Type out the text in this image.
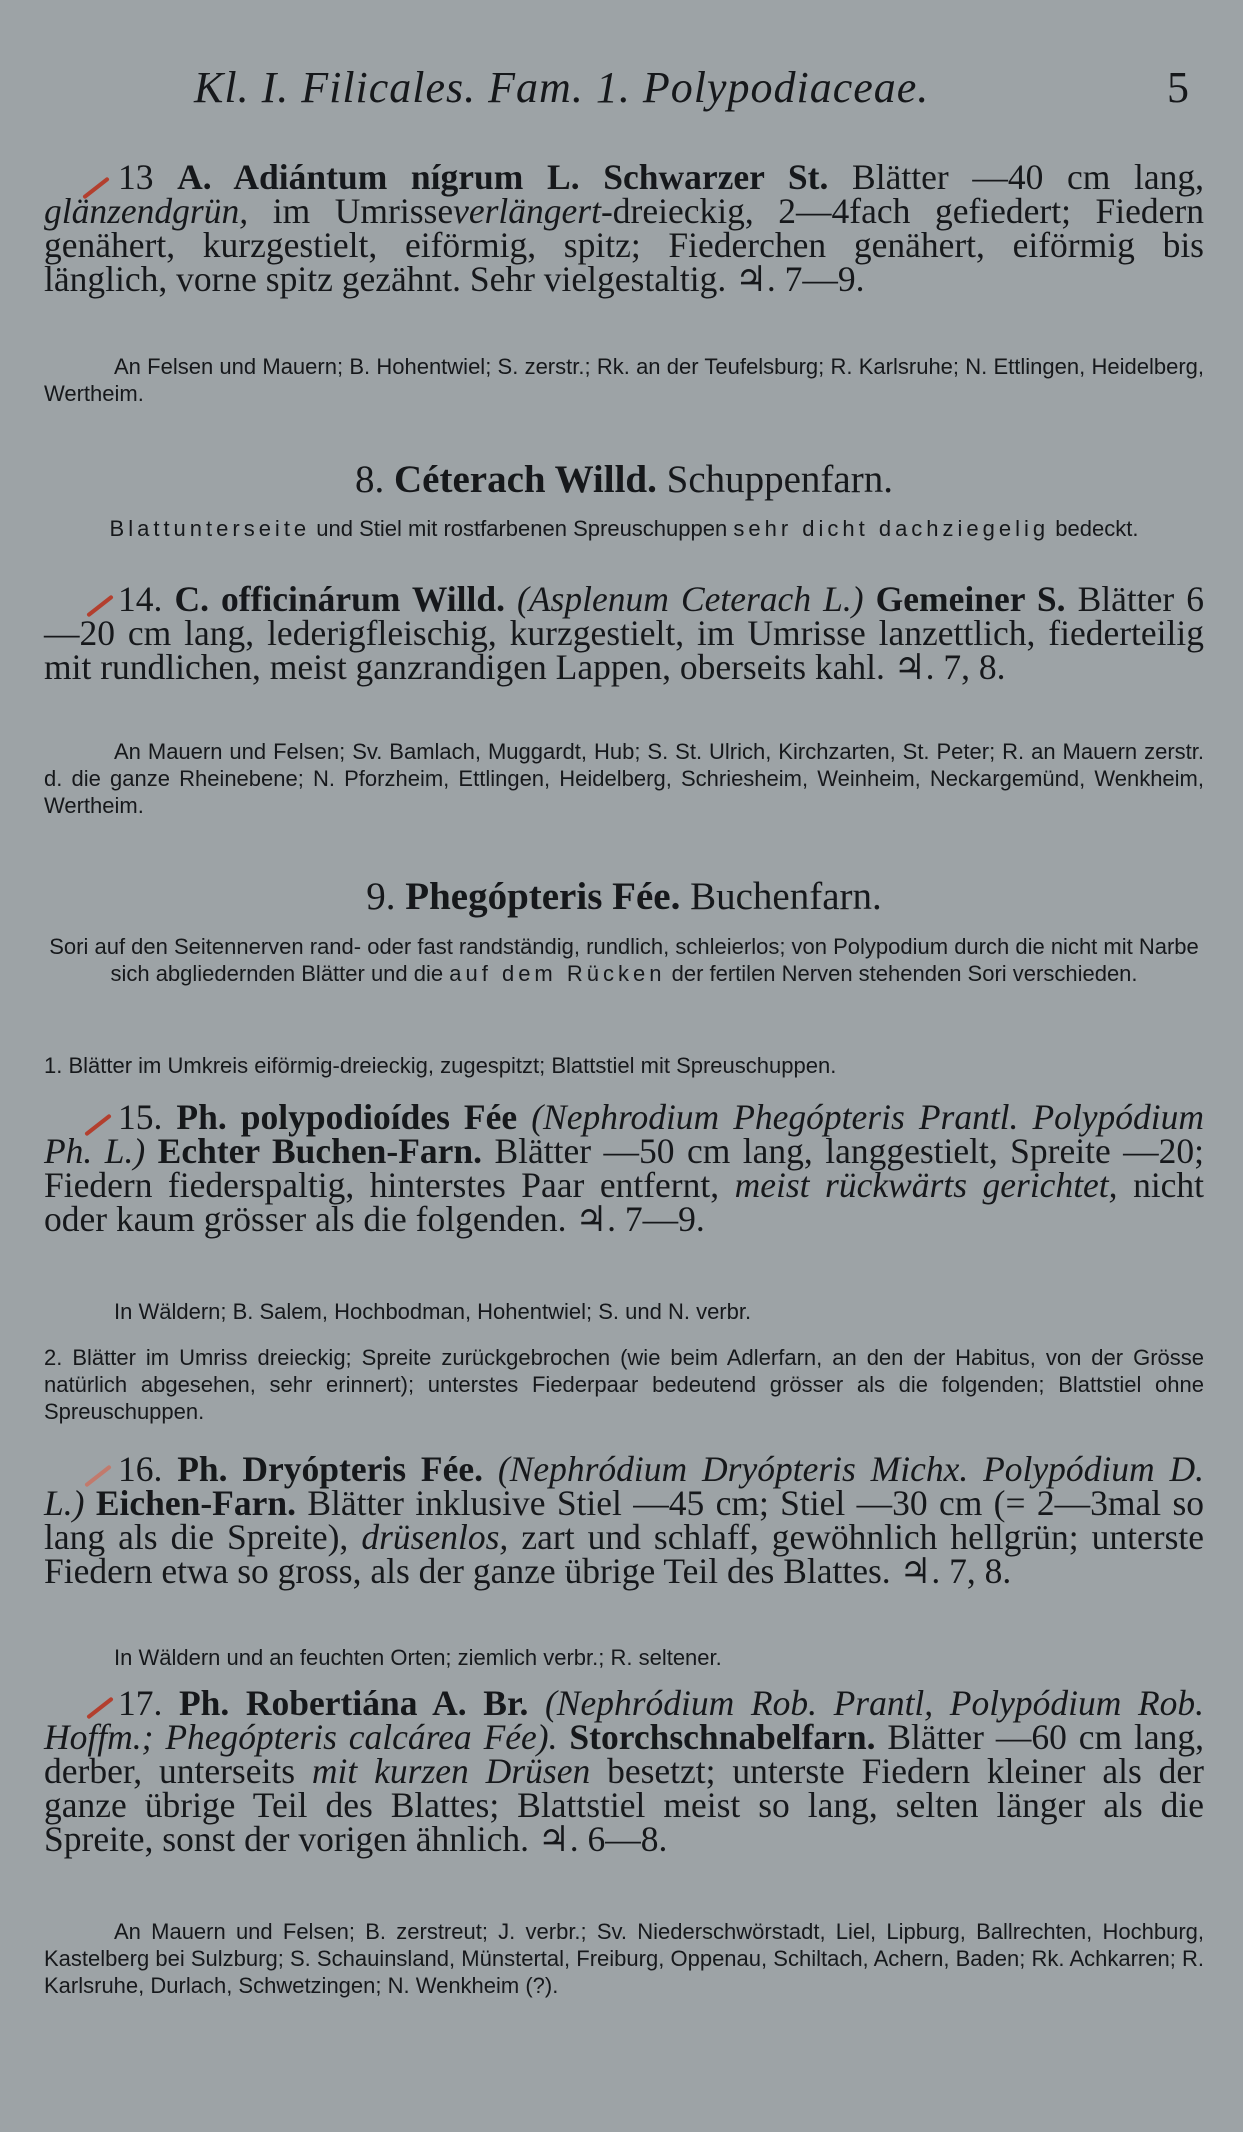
Kl. I. Filicales. Fam. 1. Polypodiaceae.	5
13 A. Adiántum nígrum L. Schwarzer St. Blätter —40 cm lang, glänzendgrün, im Umrisseverlängert-dreieckig, 2—4fach gefiedert; Fiedern genähert, kurzgestielt, eiförmig, spitz; Fiederchen genähert, eiförmig bis länglich, vorne spitz gezähnt. Sehr vielgestaltig. ♃. 7—9.
An Felsen und Mauern; B. Hohentwiel; S. zerstr.; Rk. an der Teufelsburg; R. Karlsruhe; N. Ettlingen, Heidelberg, Wertheim.
8. Céterach Willd. Schuppenfarn.
Blattunterseite und Stiel mit rostfarbenen Spreuschuppen sehr dicht dachziegelig bedeckt.
14. C. officinárum Willd. (Asplenum Ceterach L.) Gemeiner S. Blätter 6—20 cm lang, lederigfleischig, kurzgestielt, im Umrisse lanzettlich, fiederteilig mit rundlichen, meist ganzrandigen Lappen, oberseits kahl. ♃. 7, 8.
An Mauern und Felsen; Sv. Bamlach, Muggardt, Hub; S. St. Ulrich, Kirchzarten, St. Peter; R. an Mauern zerstr. d. die ganze Rheinebene; N. Pforzheim, Ettlingen, Heidelberg, Schriesheim, Weinheim, Neckargemünd, Wenkheim, Wertheim.
9. Phegópteris Fée. Buchenfarn.
Sori auf den Seitennerven rand- oder fast randständig, rundlich, schleierlos; von Polypodium durch die nicht mit Narbe sich abgliedernden Blätter und die auf dem Rücken der fertilen Nerven stehenden Sori verschieden.
1. Blätter im Umkreis eiförmig-dreieckig, zugespitzt; Blattstiel mit Spreuschuppen.
15. Ph. polypodioídes Fée (Nephrodium Phegópteris Prantl. Polypódium Ph. L.) Echter Buchen-Farn. Blätter —50 cm lang, langgestielt, Spreite —20; Fiedern fiederspaltig, hinterstes Paar entfernt, meist rückwärts gerichtet, nicht oder kaum grösser als die folgenden. ♃. 7—9.
In Wäldern; B. Salem, Hochbodman, Hohentwiel; S. und N. verbr.
2. Blätter im Umriss dreieckig; Spreite zurückgebrochen (wie beim Adlerfarn, an den der Habitus, von der Grösse natürlich abgesehen, sehr erinnert); unterstes Fiederpaar bedeutend grösser als die folgenden; Blattstiel ohne Spreuschuppen.
16. Ph. Dryópteris Fée. (Nephródium Dryópteris Michx. Polypódium D. L.) Eichen-Farn. Blätter inklusive Stiel —45 cm; Stiel —30 cm (= 2—3mal so lang als die Spreite), drüsenlos, zart und schlaff, gewöhnlich hellgrün; unterste Fiedern etwa so gross, als der ganze übrige Teil des Blattes. ♃. 7, 8.
In Wäldern und an feuchten Orten; ziemlich verbr.; R. seltener.
17. Ph. Robertiána A. Br. (Nephródium Rob. Prantl, Polypódium Rob. Hoffm.; Phegópteris calcárea Fée). Storchschnabelfarn. Blätter —60 cm lang, derber, unterseits mit kurzen Drüsen besetzt; unterste Fiedern kleiner als der ganze übrige Teil des Blattes; Blattstiel meist so lang, selten länger als die Spreite, sonst der vorigen ähnlich. ♃. 6—8.
An Mauern und Felsen; B. zerstreut; J. verbr.; Sv. Niederschwörstadt, Liel, Lipburg, Ballrechten, Hochburg, Kastelberg bei Sulzburg; S. Schauinsland, Münstertal, Freiburg, Oppenau, Schiltach, Achern, Baden; Rk. Achkarren; R. Karlsruhe, Durlach, Schwetzingen; N. Wenkheim (?).
